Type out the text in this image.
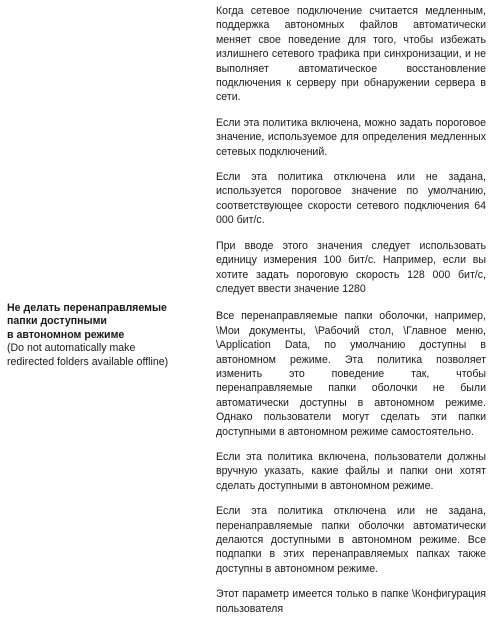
Когда сетевое подключение считается медленным, поддержка автономных файлов автоматически меняет свое поведение для того, чтобы избежать излишнего сетевого трафика при синхронизации, и не выполняет автоматическое восстановление подключения к серверу при обнаружении сервера в сети.

Если эта политика включена, можно задать пороговое значение, используемое для определения медленных сетевых подключений.

Если эта политика отключена или не задана, используется пороговое значение по умолчанию, соответствующее скорости сетевого подключения 64 000 бит/с.

При вводе этого значения следует использовать единицу измерения 100 бит/с. Например, если вы хотите задать пороговую скорость 128 000 бит/с, следует ввести значение 1280

Все перенаправляемые папки оболочки, например, \Мои документы, \Рабочий стол, \Главное меню, \Application Data, по умолчанию доступны в автономном режиме. Эта политика позволяет изменить это поведение так, чтобы перенаправляемые папки оболочки не были автоматически доступны в автономном режиме. Однако пользователи могут сделать эти папки доступными в автономном режиме самостоятельно.

Если эта политика включена, пользователи должны вручную указать, какие файлы и папки они хотят сделать доступными в автономном режиме.

Если эта политика отключена или не задана, перенаправляемые папки оболочки автоматически делаются доступными в автономном режиме. Все подпапки в этих перенаправляемых папках также доступны в автономном режиме.

Этот параметр имеется только в папке \Конфигурация пользователя

Не делать перенаправляемые
папки доступными
в автономном режиме
(Do not automatically make
redirected folders available offline)
